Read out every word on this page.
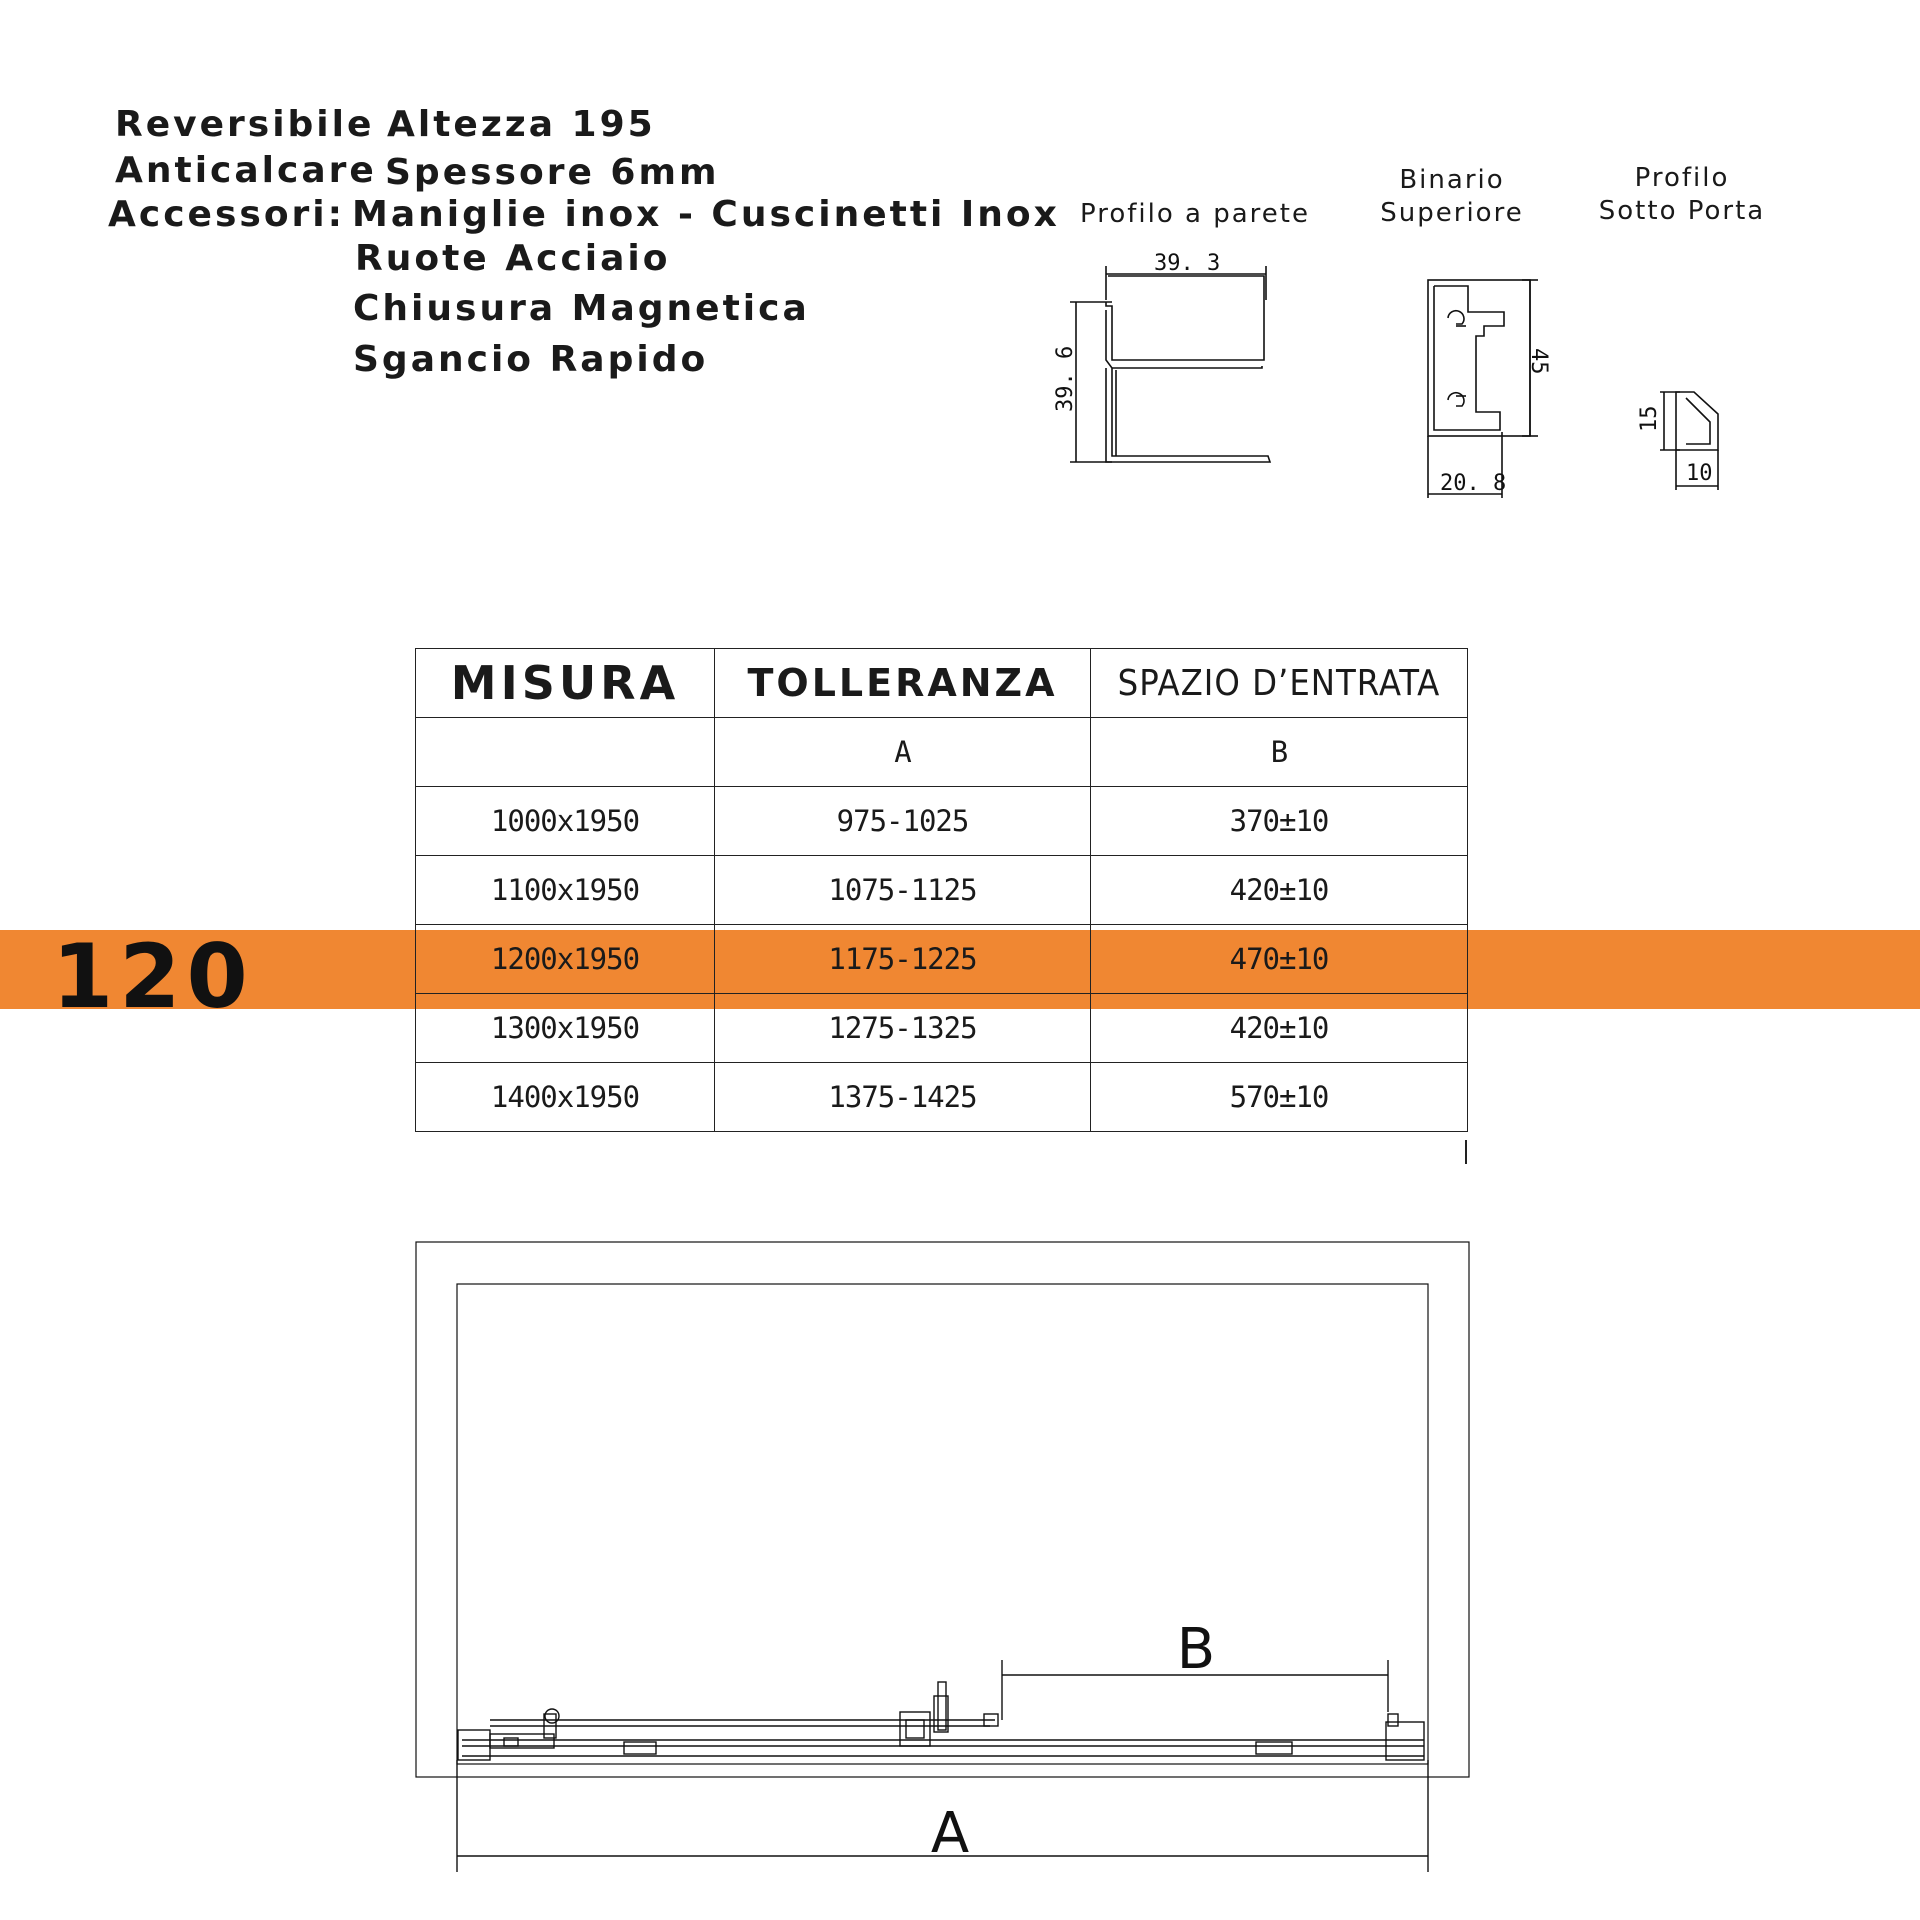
Reversibile Altezza 195
Anticalcare Spessore 6mm
Accessori: Maniglie inox - Cuscinetti Inox
Ruote Acciaio
Chiusura Magnetica
Sgancio Rapido
Profilo a parete
Binario
Superiore
Profilo
Sotto Porta
39. 3
39. 6	45
20. 8
15
10
120
MISURA	TOLLERANZA	SPAZIO D’ENTRATA
	A	B
1000x1950	975-1025	370±10
1100x1950	1075-1125	420±10
1200x1950	1175-1225	470±10
1300x1950	1275-1325	420±10
1400x1950	1375-1425	570±10
B
A
